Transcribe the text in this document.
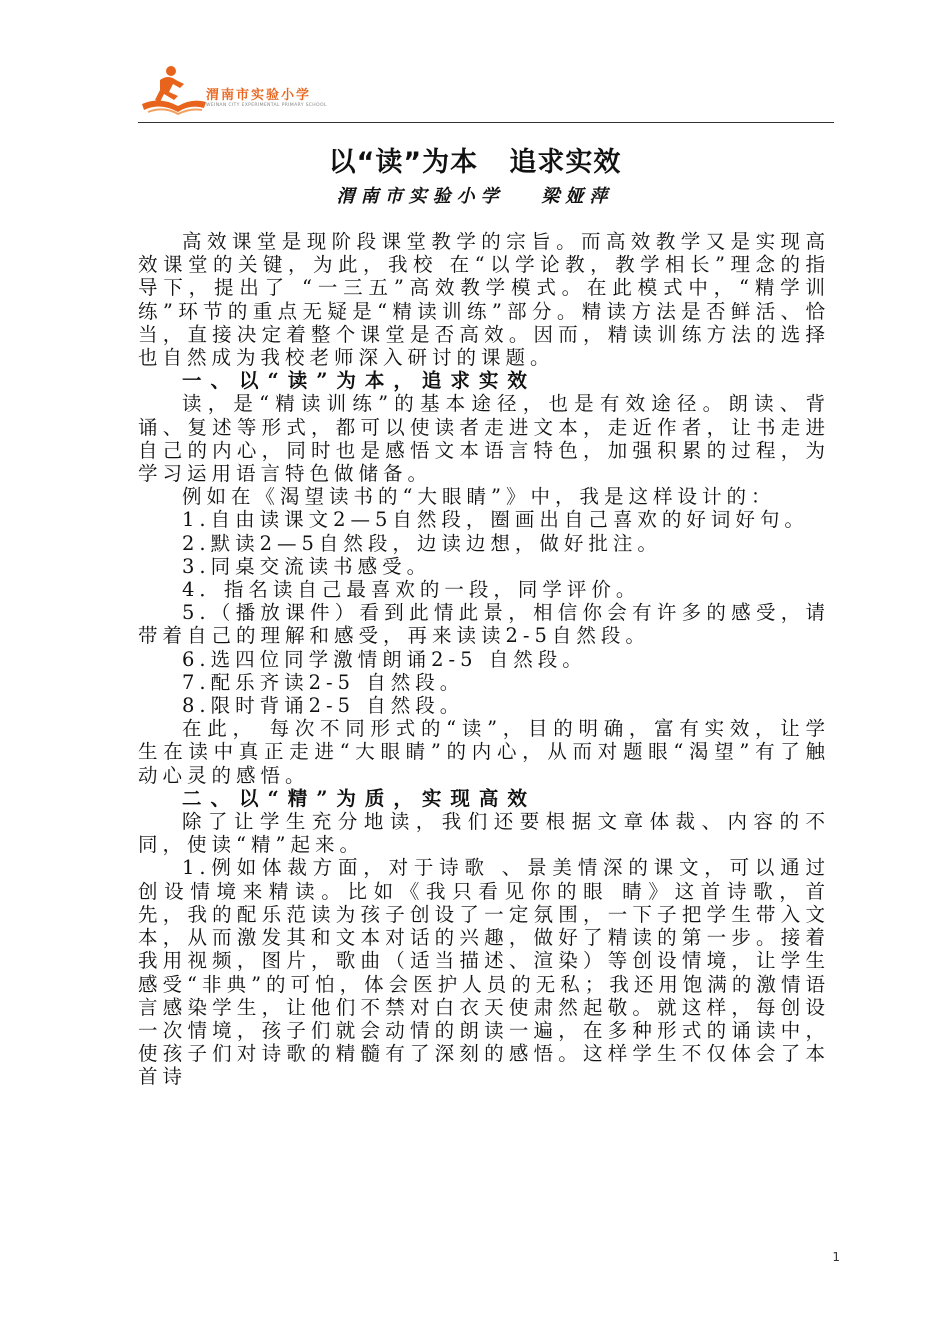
渭南市实验小学
WEINAN CITY EXPERIMENTAL PRIMARY SCHOOL
以“读”为本   追求实效
渭南市实验小学   梁娅萍

高效课堂是现阶段课堂教学的宗旨。而高效教学又是实现高效课堂的关键，为此，我校 在“以学论教，教学相长”理念的指导下，提出了 “一三五”高效教学模式。在此模式中，“精学训练”环节的重点无疑是“精读训练”部分。精读方法是否鲜活、恰当，直接决定着整个课堂是否高效。因而，精读训练方法的选择也自然成为我校老师深入研讨的课题。

一、以“读”为本，追求实效

读，是“精读训练”的基本途径，也是有效途径。朗读、背诵、复述等形式，都可以使读者走进文本，走近作者，让书走进自己的内心，同时也是感悟文本语言特色，加强积累的过程，为学习运用语言特色做储备。

例如在《渴望读书的“大眼睛”》中，我是这样设计的：

1.自由读课文2—5自然段，圈画出自己喜欢的好词好句。

2.默读2—5自然段，边读边想，做好批注。

3.同桌交流读书感受。

4．指名读自己最喜欢的一段，同学评价。

5.（播放课件）看到此情此景，相信你会有许多的感受，请带着自己的理解和感受，再来读读2-5自然段。

6.选四位同学激情朗诵2-5 自然段。

7.配乐齐读2-5 自然段。

8.限时背诵2-5 自然段。

在此， 每次不同形式的“读”，目的明确，富有实效，让学生在读中真正走进“大眼睛”的内心，从而对题眼“渴望”有了触动心灵的感悟。

二、以“精”为质，实现高效

除了让学生充分地读，我们还要根据文章体裁、内容的不同，使读“精”起来。

1.例如体裁方面，对于诗歌 、景美情深的课文，可以通过创设情境来精读。比如《我只看见你的眼 睛》这首诗歌，首先，我的配乐范读为孩子创设了一定氛围，一下子把学生带入文本，从而激发其和文本对话的兴趣，做好了精读的第一步。接着我用视频，图片，歌曲（适当描述、渲染）等创设情境，让学生感受“非典”的可怕，体会医护人员的无私；我还用饱满的激情语言感染学生，让他们不禁对白衣天使肃然起敬。就这样，每创设一次情境，孩子们就会动情的朗读一遍，在多种形式的诵读中，使孩子们对诗歌的精髓有了深刻的感悟。这样学生不仅体会了本首诗

1
